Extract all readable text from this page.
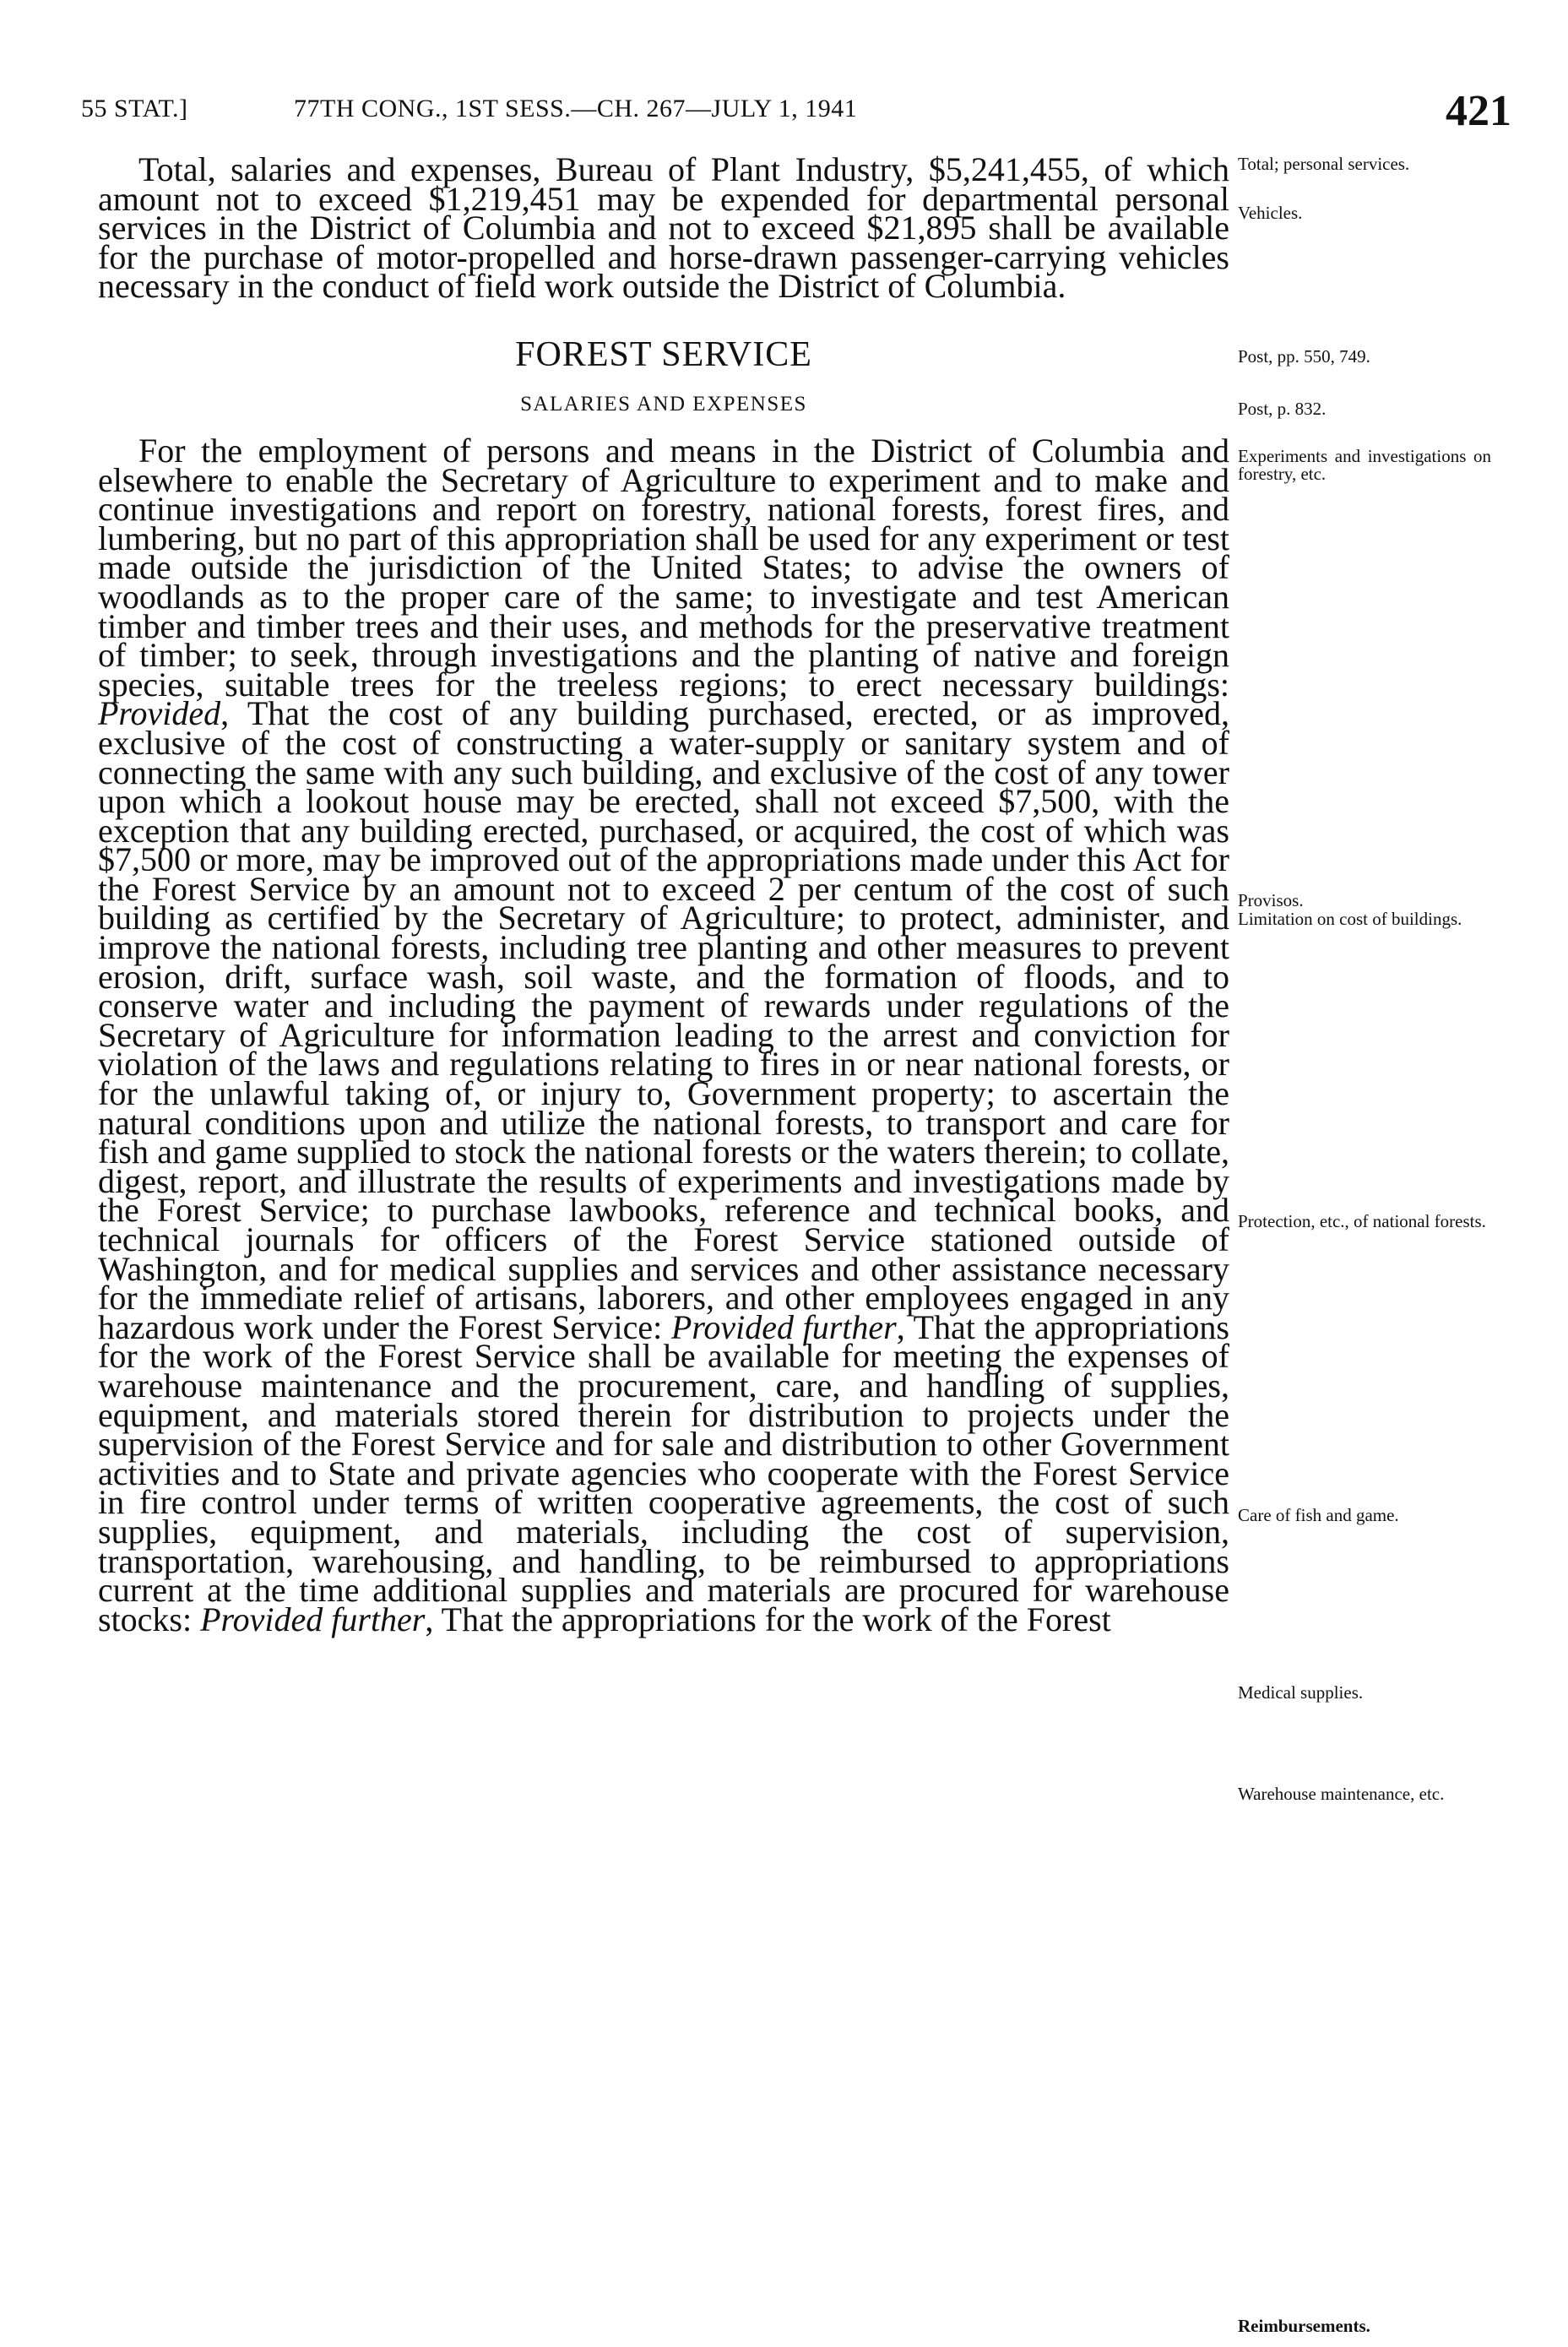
55 STAT.]	77TH CONG., 1ST SESS.—CH. 267—JULY 1, 1941	421

Total, salaries and expenses, Bureau of Plant Industry, $5,241,455, of which amount not to exceed $1,219,451 may be expended for departmental personal services in the District of Columbia and not to exceed $21,895 shall be available for the purchase of motor-propelled and horse-drawn passenger-carrying vehicles necessary in the conduct of field work outside the District of Columbia.

FOREST SERVICE
SALARIES AND EXPENSES

For the employment of persons and means in the District of Columbia and elsewhere to enable the Secretary of Agriculture to experiment and to make and continue investigations and report on forestry, national forests, forest fires, and lumbering, but no part of this appropriation shall be used for any experiment or test made outside the jurisdiction of the United States; to advise the owners of woodlands as to the proper care of the same; to investigate and test American timber and timber trees and their uses, and methods for the preservative treatment of timber; to seek, through investigations and the planting of native and foreign species, suitable trees for the treeless regions; to erect necessary buildings: Provided, That the cost of any building purchased, erected, or as improved, exclusive of the cost of constructing a water-supply or sanitary system and of connecting the same with any such building, and exclusive of the cost of any tower upon which a lookout house may be erected, shall not exceed $7,500, with the exception that any building erected, purchased, or acquired, the cost of which was $7,500 or more, may be improved out of the appropriations made under this Act for the Forest Service by an amount not to exceed 2 per centum of the cost of such building as certified by the Secretary of Agriculture; to protect, administer, and improve the national forests, including tree planting and other measures to prevent erosion, drift, surface wash, soil waste, and the formation of floods, and to conserve water and including the payment of rewards under regulations of the Secretary of Agriculture for information leading to the arrest and conviction for violation of the laws and regulations relating to fires in or near national forests, or for the unlawful taking of, or injury to, Government property; to ascertain the natural conditions upon and utilize the national forests, to transport and care for fish and game supplied to stock the national forests or the waters therein; to collate, digest, report, and illustrate the results of experiments and investigations made by the Forest Service; to purchase lawbooks, reference and technical books, and technical journals for officers of the Forest Service stationed outside of Washington, and for medical supplies and services and other assistance necessary for the immediate relief of artisans, laborers, and other employees engaged in any hazardous work under the Forest Service: Provided further, That the appropriations for the work of the Forest Service shall be available for meeting the expenses of warehouse maintenance and the procurement, care, and handling of supplies, equipment, and materials stored therein for distribution to projects under the supervision of the Forest Service and for sale and distribution to other Government activities and to State and private agencies who cooperate with the Forest Service in fire control under terms of written cooperative agreements, the cost of such supplies, equipment, and materials, including the cost of supervision, transportation, warehousing, and handling, to be reimbursed to appropriations current at the time additional supplies and materials are procured for warehouse stocks: Provided further, That the appropriations for the work of the Forest

Total; personal services.
Vehicles.
Post, pp. 550, 749.
Post, p. 832.
Experiments and investigations on forestry, etc.
Provisos.
Limitation on cost of buildings.
Protection, etc., of national forests.
Care of fish and game.
Medical supplies.
Warehouse maintenance, etc.
Reimbursements.
